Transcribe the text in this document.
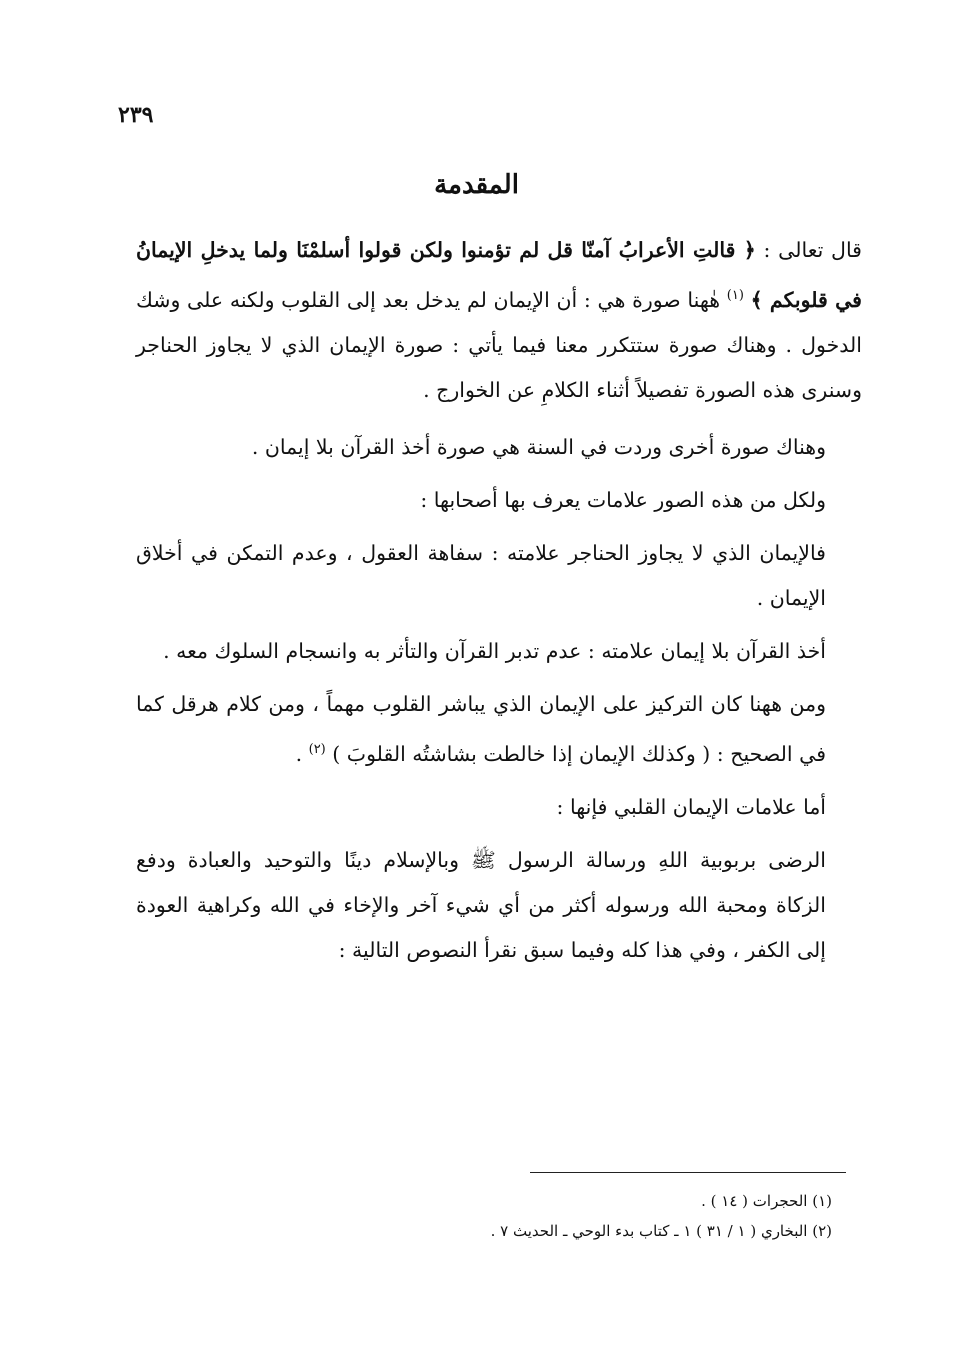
٢٣٩
المقدمة

قال تعالى : ﴿ قالتِ الأعرابُ آمنّا قل لم تؤمنوا ولكن قولوا أسلمْنَا ولما يدخلِ الإيمانُ في قلوبكم ﴾ $^{(١)}$ هٰهنا صورة هي : أن الإيمان لم يدخل بعد إلى القلوب ولكنه على وشك الدخول . وهناك صورة ستتكرر معنا فيما يأتي : صورة الإيمان الذي لا يجاوز الحناجر وسنرى هذه الصورة تفصيلاً أثناء الكلامِ عن الخوارج .

وهناك صورة أخرى وردت في السنة هي صورة أخذ القرآن بلا إيمان .

ولكل من هذه الصور علامات يعرف بها أصحابها :

فالإيمان الذي لا يجاوز الحناجر علامته : سفاهة العقول ، وعدم التمكن في أخلاق الإيمان .

أخذ القرآن بلا إيمان علامته : عدم تدبر القرآن والتأثر به وانسجام السلوك معه .

ومن ههنا كان التركيز على الإيمان الذي يباشر القلوب مهماً ، ومن كلام هرقل كما في الصحيح : ( وكذلك الإيمان إذا خالطت بشاشتُه القلوبَ ) $^{(٢)}$ .

أما علامات الإيمان القلبي فإنها :

الرضى بربوبية اللهِ ورسالة الرسول ﷺ وبالإسلام دينًا والتوحيد والعبادة ودفع الزكاة ومحبة الله ورسوله أكثر من أي شيء آخر والإخاء في الله وكراهية العودة إلى الكفر ، وفي هذا كله وفيما سبق نقرأ النصوص التالية :

(١) الحجرات ( ١٤ ) .
(٢) البخاري ( ١ / ٣١ ) ١ ـ كتاب بدء الوحي ـ الحديث ٧ .
